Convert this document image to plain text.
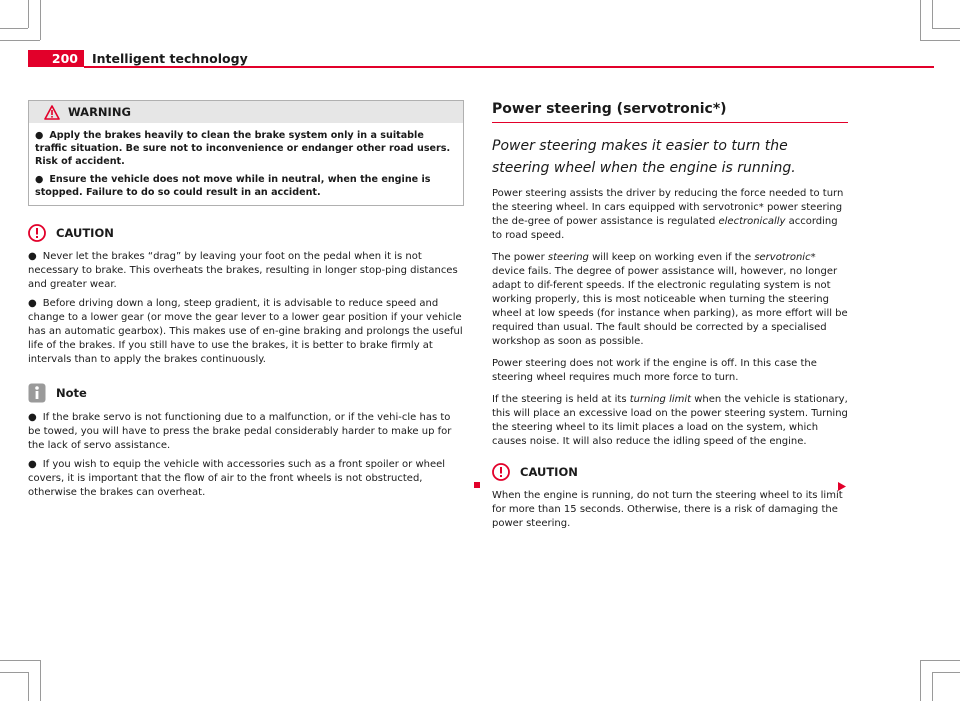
200	Intelligent technology
WARNING

● Apply the brakes heavily to clean the brake system only in a suitable traffic situation. Be sure not to inconvenience or endanger other road users. Risk of accident.

● Ensure the vehicle does not move while in neutral, when the engine is stopped. Failure to do so could result in an accident.

CAUTION

● Never let the brakes “drag” by leaving your foot on the pedal when it is not necessary to brake. This overheats the brakes, resulting in longer stop-ping distances and greater wear.

● Before driving down a long, steep gradient, it is advisable to reduce speed and change to a lower gear (or move the gear lever to a lower gear position if your vehicle has an automatic gearbox). This makes use of en-gine braking and prolongs the useful life of the brakes. If you still have to use the brakes, it is better to brake firmly at intervals than to apply the brakes continuously.

Note

● If the brake servo is not functioning due to a malfunction, or if the vehi-cle has to be towed, you will have to press the brake pedal considerably harder to make up for the lack of servo assistance.

● If you wish to equip the vehicle with accessories such as a front spoiler or wheel covers, it is important that the flow of air to the front wheels is not obstructed, otherwise the brakes can overheat.

Power steering (servotronic*)

Power steering makes it easier to turn the steering wheel when the engine is running.

Power steering assists the driver by reducing the force needed to turn the steering wheel. In cars equipped with servotronic* power steering the de-gree of power assistance is regulated electronically according to road speed.

The power steering will keep on working even if the servotronic* device fails. The degree of power assistance will, however, no longer adapt to dif-ferent speeds. If the electronic regulating system is not working properly, this is most noticeable when turning the steering wheel at low speeds (for instance when parking), as more effort will be required than usual. The fault should be corrected by a specialised workshop as soon as possible.

Power steering does not work if the engine is off. In this case the steering wheel requires much more force to turn.

If the steering is held at its turning limit when the vehicle is stationary, this will place an excessive load on the power steering system. Turning the steering wheel to its limit places a load on the system, which causes noise. It will also reduce the idling speed of the engine.

CAUTION

When the engine is running, do not turn the steering wheel to its limit for more than 15 seconds. Otherwise, there is a risk of damaging the power steering.
